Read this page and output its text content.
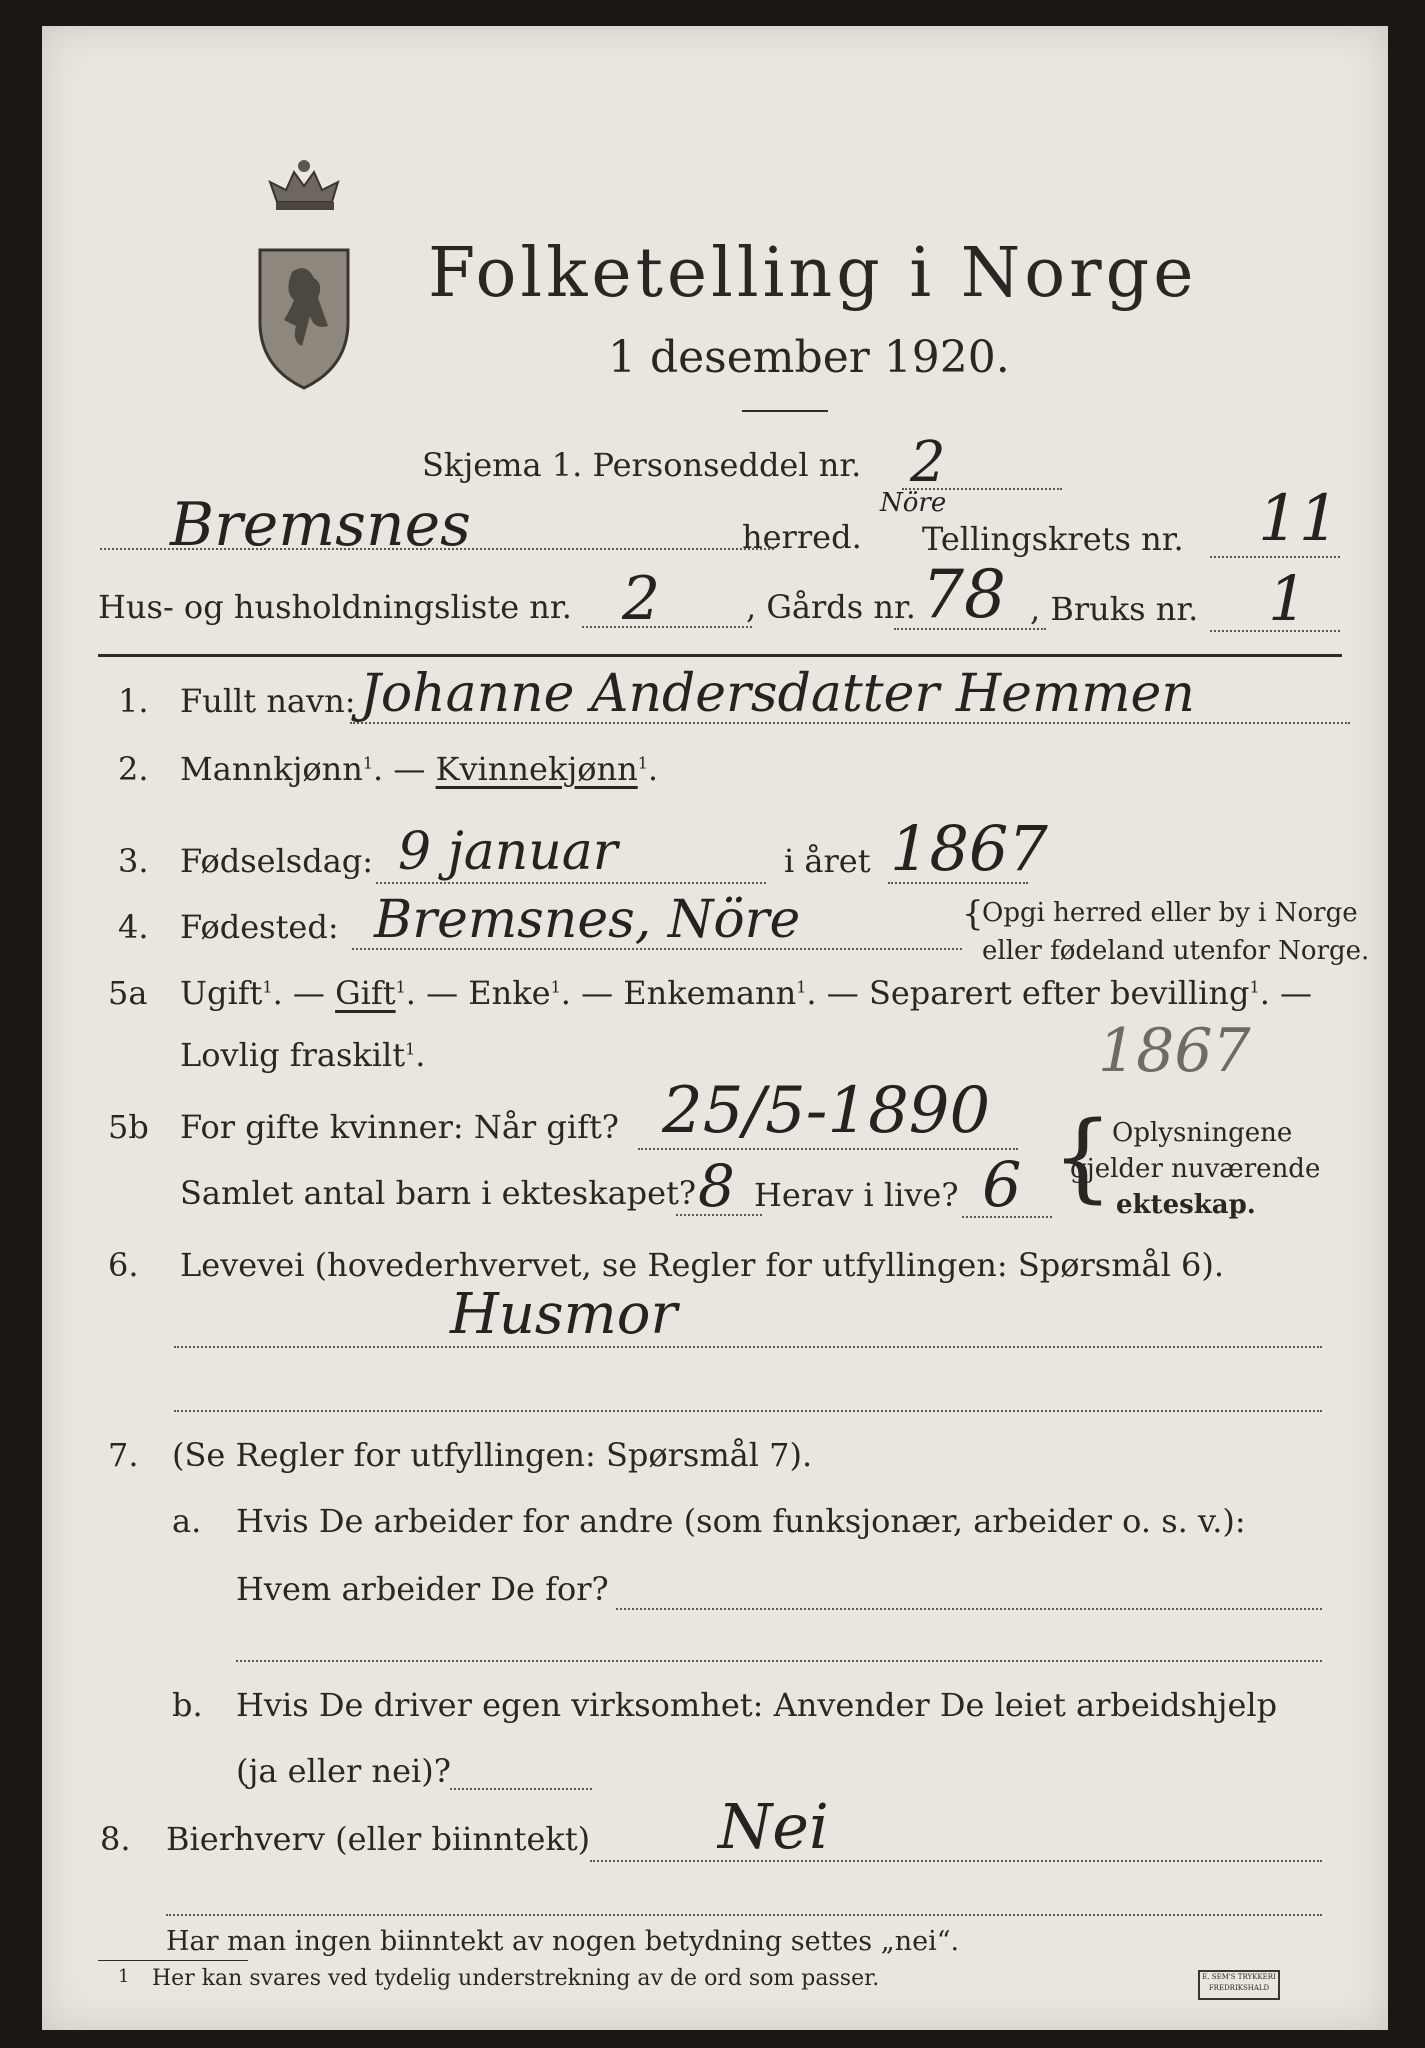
Folketelling i Norge
1 desember 1920.
Skjema 1. Personseddel nr. 2
Bremsnes	Nöre
herred. Tellingskrets nr. 11
Hus- og husholdningsliste nr. 2	, Gårds nr. 78 , Bruks nr. 1
1. Fullt navn: Johanne Andersdatter Hemmen
2. Mannkjønn$^1$. — Kvinnekjønn$^1$.
3. Fødselsdag: 9 januar	i året 1867
4. Fødested: Bremsnes, Nöre	{
Opgi herred eller by i Norge
eller fødeland utenfor Norge.
5a Ugift$^1$. — Gift$^1$. — Enke$^1$. — Enkemann$^1$. — Separert efter bevilling$^1$. —
Lovlig fraskilt$^1$.	1867
5b For gifte kvinner: Når gift? 25/5-1890
Samlet antal barn i ekteskapet? 8 Herav i live? 6 {
Oplysningene
gjelder nuværende
ekteskap.
6. Levevei (hovederhvervet, se Regler for utfyllingen: Spørsmål 6).
Husmor
7. (Se Regler for utfyllingen: Spørsmål 7).
a. Hvis De arbeider for andre (som funksjonær, arbeider o. s. v.):
Hvem arbeider De for?
b. Hvis De driver egen virksomhet: Anvender De leiet arbeidshjelp
(ja eller nei)?
8. Bierhverv (eller biinntekt) Nei
Har man ingen biinntekt av nogen betydning settes „nei“.
1 Her kan svares ved tydelig understrekning av de ord som passer.	E. SEM'S TRYKKERI FREDRIKSHALD
